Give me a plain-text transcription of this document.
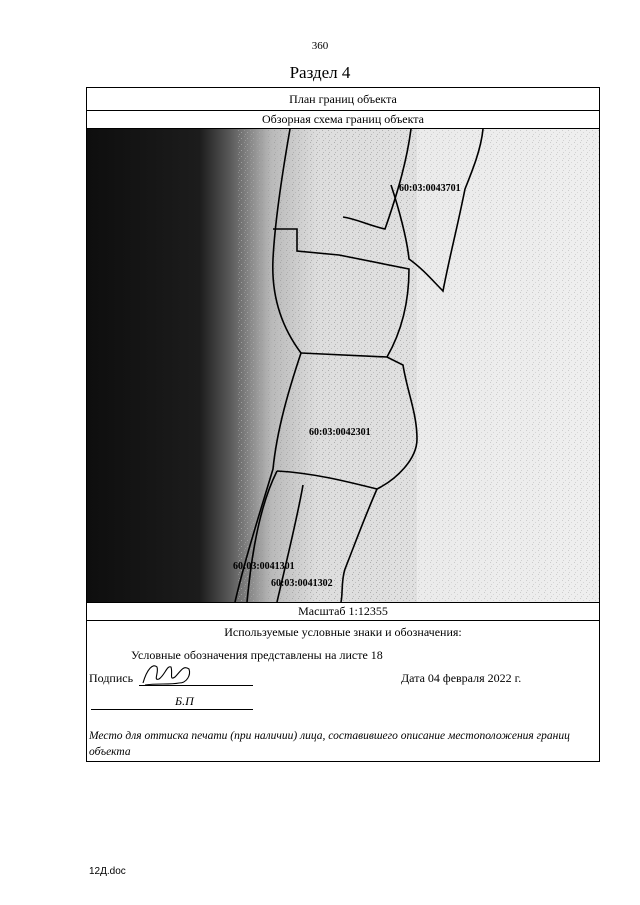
360
Раздел 4
План границ объекта
Обзорная схема границ объекта
60:03:0043701
60:03:0042301
60:03:0041301
60:03:0041302
Масштаб 1:12355
Используемые условные знаки и обозначения:
Условные обозначения представлены на листе 18
Подпись
Б.П
Дата 04 февраля 2022 г.
Место для оттиска печати (при наличии) лица, составившего описание местоположения границ объекта
12Д.doc
